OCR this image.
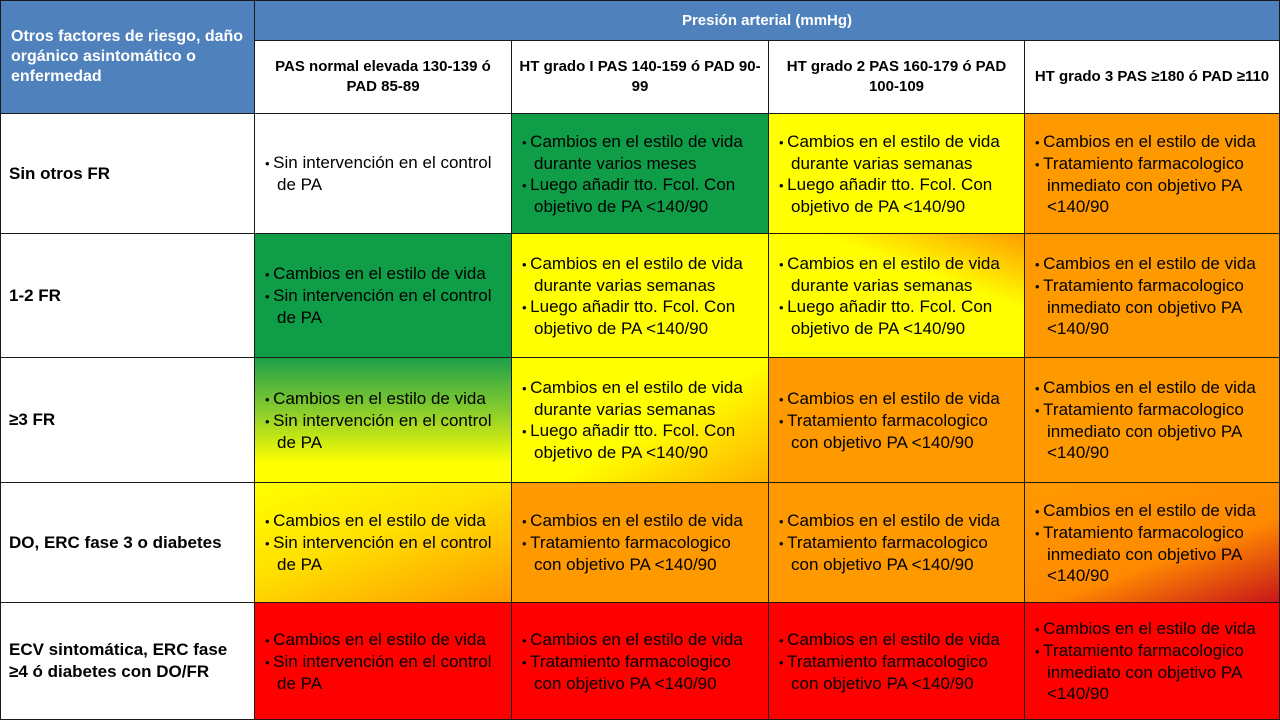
Otros factores de riesgo, daño orgánico asintomático o enfermedad
Presión arterial (mmHg)
PAS normal elevada 130-139 ó PAD 85-89
HT grado I PAS 140-159 ó PAD 90-99
HT grado 2 PAS 160-179 ó PAD 100-109
HT grado 3 PAS ≥180 ó PAD ≥110
Sin otros FR
• Sin intervención en el control de PA
• Cambios en el estilo de vida durante varios meses
• Luego añadir tto. Fcol. Con objetivo de PA <140/90
• Cambios en el estilo de vida durante varias semanas
• Luego añadir tto. Fcol. Con objetivo de PA <140/90
• Cambios en el estilo de vida
• Tratamiento farmacologico inmediato con objetivo PA <140/90
1-2 FR
• Cambios en el estilo de vida
• Sin intervención en el control de PA
• Cambios en el estilo de vida durante varias semanas
• Luego añadir tto. Fcol. Con objetivo de PA <140/90
• Cambios en el estilo de vida durante varias semanas
• Luego añadir tto. Fcol. Con objetivo de PA <140/90
• Cambios en el estilo de vida
• Tratamiento farmacologico inmediato con objetivo PA <140/90
≥3 FR
• Cambios en el estilo de vida
• Sin intervención en el control de PA
• Cambios en el estilo de vida durante varias semanas
• Luego añadir tto. Fcol. Con objetivo de PA <140/90
• Cambios en el estilo de vida
• Tratamiento farmacologico con objetivo PA <140/90
• Cambios en el estilo de vida
• Tratamiento farmacologico inmediato con objetivo PA <140/90
DO, ERC fase 3 o diabetes
• Cambios en el estilo de vida
• Sin intervención en el control de PA
• Cambios en el estilo de vida
• Tratamiento farmacologico con objetivo PA <140/90
• Cambios en el estilo de vida
• Tratamiento farmacologico con objetivo PA <140/90
• Cambios en el estilo de vida
• Tratamiento farmacologico inmediato con objetivo PA <140/90
ECV sintomática, ERC fase ≥4 ó diabetes con DO/FR
• Cambios en el estilo de vida
• Sin intervención en el control de PA
• Cambios en el estilo de vida
• Tratamiento farmacologico con objetivo PA <140/90
• Cambios en el estilo de vida
• Tratamiento farmacologico con objetivo PA <140/90
• Cambios en el estilo de vida
• Tratamiento farmacologico inmediato con objetivo PA <140/90
